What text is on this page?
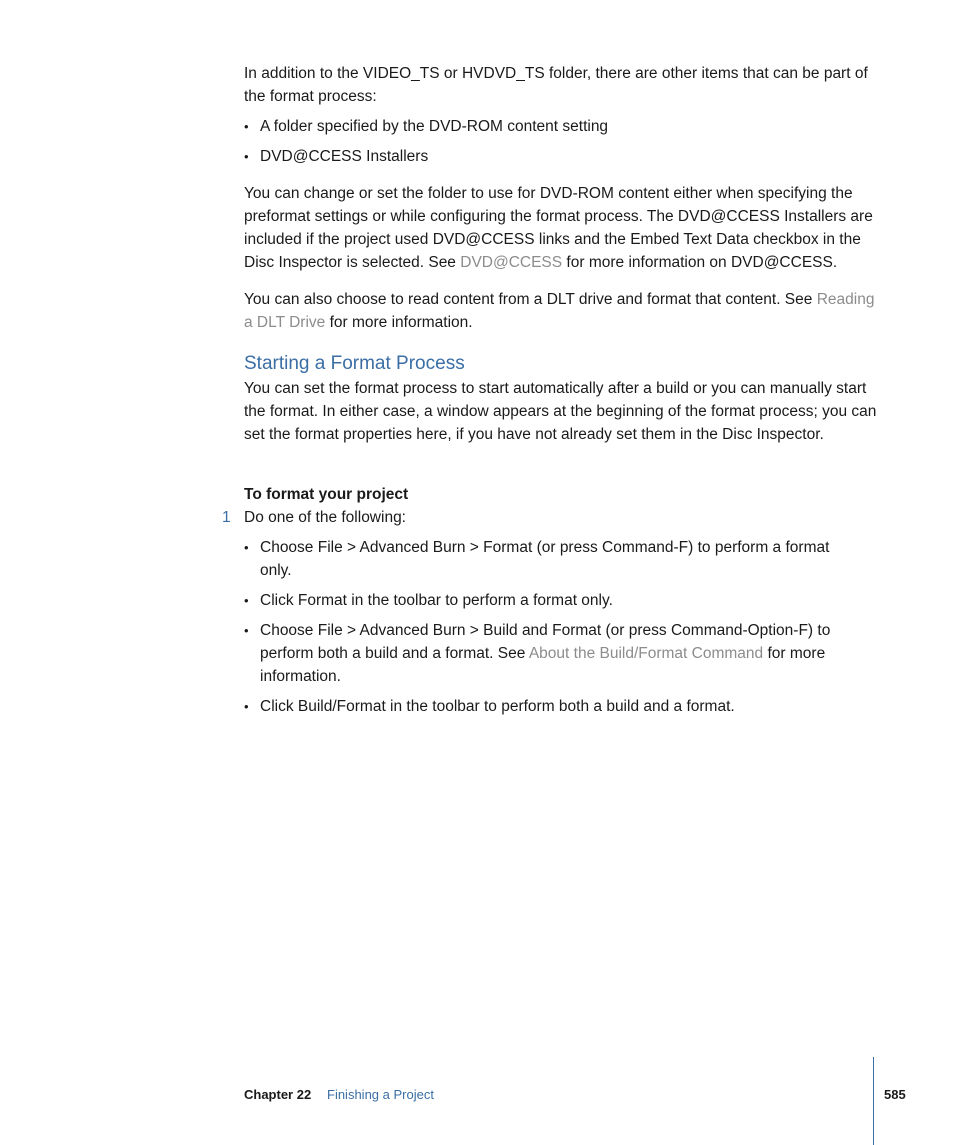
In addition to the VIDEO_TS or HVDVD_TS folder, there are other items that can be part of the format process:

• A folder specified by the DVD-ROM content setting
• DVD@CCESS Installers

You can change or set the folder to use for DVD-ROM content either when specifying the preformat settings or while configuring the format process. The DVD@CCESS Installers are included if the project used DVD@CCESS links and the Embed Text Data checkbox in the Disc Inspector is selected. See DVD@CCESS for more information on DVD@CCESS.

You can also choose to read content from a DLT drive and format that content. See Reading a DLT Drive for more information.

Starting a Format Process

You can set the format process to start automatically after a build or you can manually start the format. In either case, a window appears at the beginning of the format process; you can set the format properties here, if you have not already set them in the Disc Inspector.

To format your project
1 Do one of the following:
• Choose File > Advanced Burn > Format (or press Command-F) to perform a format only.
• Click Format in the toolbar to perform a format only.
• Choose File > Advanced Burn > Build and Format (or press Command-Option-F) to perform both a build and a format. See About the Build/Format Command for more information.
• Click Build/Format in the toolbar to perform both a build and a format.
Chapter 22 Finishing a Project	585
